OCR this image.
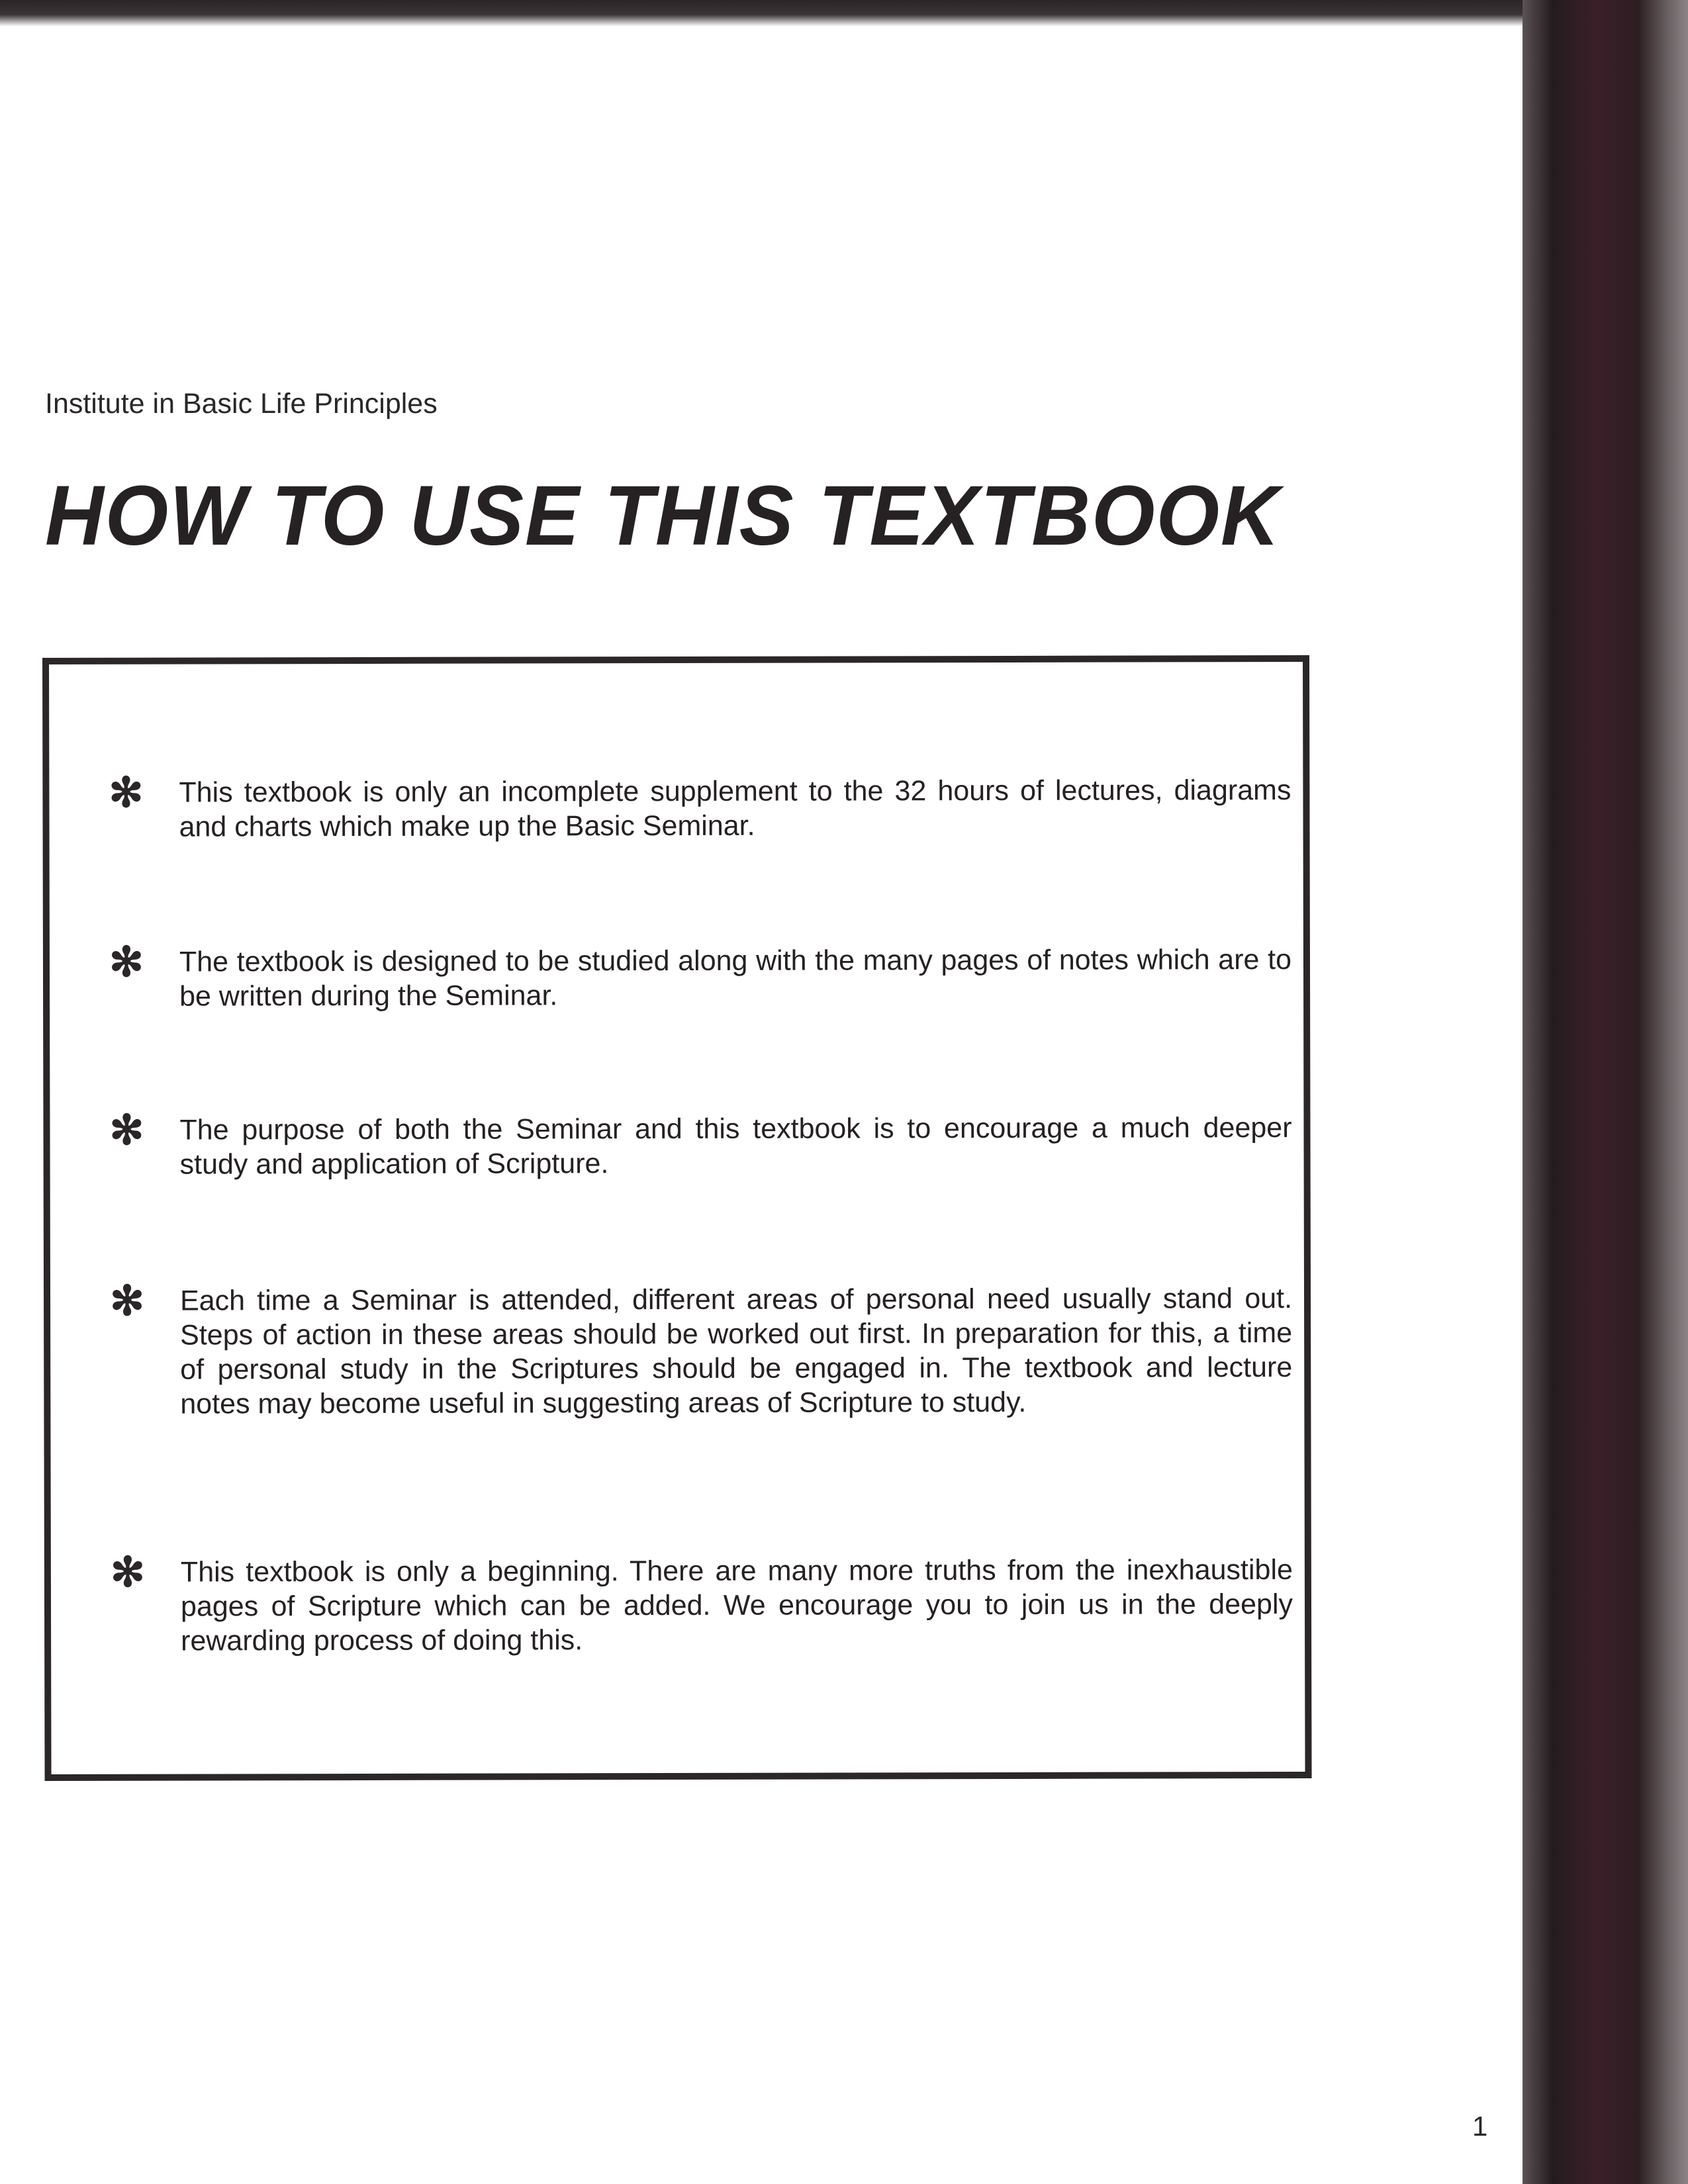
Institute in Basic Life Principles
HOW TO USE THIS TEXTBOOK
✻ This textbook is only an incomplete supplement to the 32 hours of lectures, diagrams and charts which make up the Basic Seminar.
✻ The textbook is designed to be studied along with the many pages of notes which are to be written during the Seminar.
✻ The purpose of both the Seminar and this textbook is to encourage a much deeper study and application of Scripture.
✻ Each time a Seminar is attended, different areas of personal need usually stand out. Steps of action in these areas should be worked out first. In preparation for this, a time of personal study in the Scriptures should be engaged in. The textbook and lecture notes may become useful in suggesting areas of Scripture to study.
✻ This textbook is only a beginning. There are many more truths from the inexhaustible pages of Scripture which can be added. We encourage you to join us in the deeply rewarding process of doing this.
1
